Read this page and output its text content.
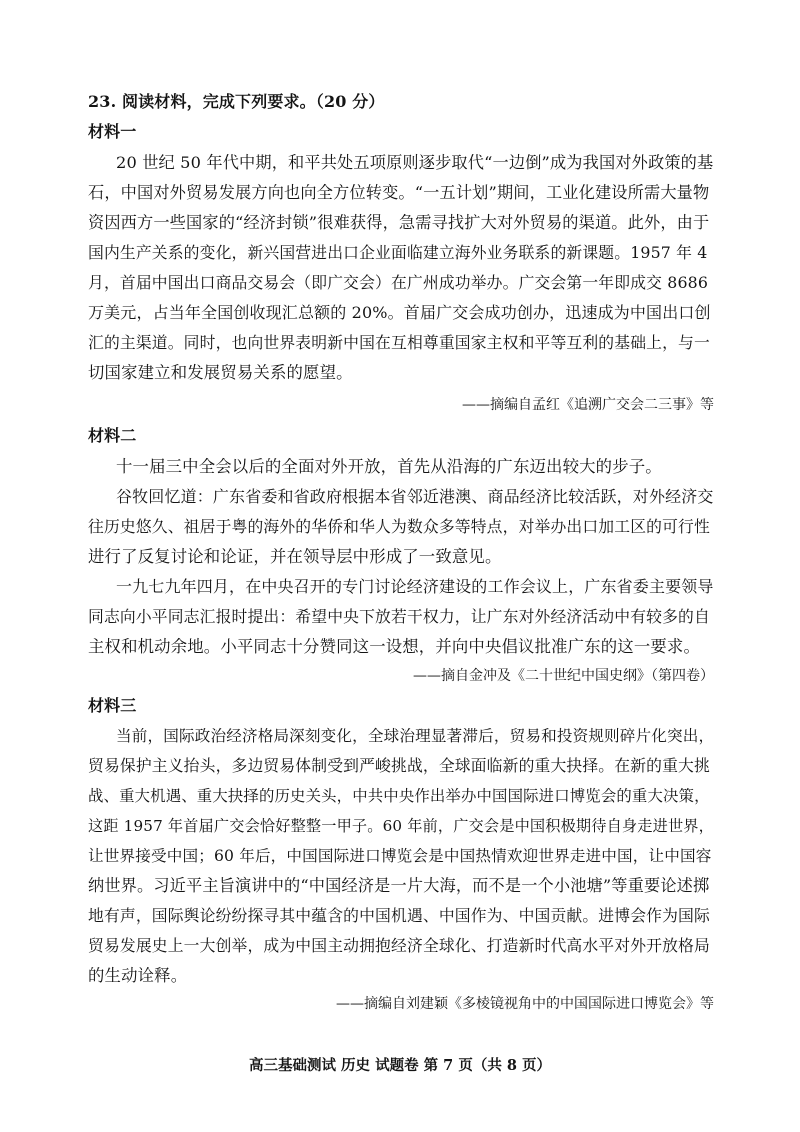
23. 阅读材料，完成下列要求。（20 分）
材料一
20 世纪 50 年代中期，和平共处五项原则逐步取代“一边倒”成为我国对外政策的基
石，中国对外贸易发展方向也向全方位转变。“一五计划”期间，工业化建设所需大量物
资因西方一些国家的“经济封锁”很难获得，急需寻找扩大对外贸易的渠道。此外，由于
国内生产关系的变化，新兴国营进出口企业面临建立海外业务联系的新课题。1957 年 4
月，首届中国出口商品交易会（即广交会）在广州成功举办。广交会第一年即成交 8686
万美元，占当年全国创收现汇总额的 20%。首届广交会成功创办，迅速成为中国出口创
汇的主渠道。同时，也向世界表明新中国在互相尊重国家主权和平等互利的基础上，与一
切国家建立和发展贸易关系的愿望。
——摘编自孟红《追溯广交会二三事》等
材料二
十一届三中全会以后的全面对外开放，首先从沿海的广东迈出较大的步子。
谷牧回忆道：广东省委和省政府根据本省邻近港澳、商品经济比较活跃，对外经济交
往历史悠久、祖居于粤的海外的华侨和华人为数众多等特点，对举办出口加工区的可行性
进行了反复讨论和论证，并在领导层中形成了一致意见。
一九七九年四月，在中央召开的专门讨论经济建设的工作会议上，广东省委主要领导
同志向小平同志汇报时提出：希望中央下放若干权力，让广东对外经济活动中有较多的自
主权和机动余地。小平同志十分赞同这一设想，并向中央倡议批准广东的这一要求。
——摘自金冲及《二十世纪中国史纲》（第四卷）
材料三
当前，国际政治经济格局深刻变化，全球治理显著滞后，贸易和投资规则碎片化突出，
贸易保护主义抬头，多边贸易体制受到严峻挑战，全球面临新的重大抉择。在新的重大挑
战、重大机遇、重大抉择的历史关头，中共中央作出举办中国国际进口博览会的重大决策，
这距 1957 年首届广交会恰好整整一甲子。60 年前，广交会是中国积极期待自身走进世界，
让世界接受中国；60 年后，中国国际进口博览会是中国热情欢迎世界走进中国，让中国容
纳世界。习近平主旨演讲中的“中国经济是一片大海，而不是一个小池塘”等重要论述掷
地有声，国际舆论纷纷探寻其中蕴含的中国机遇、中国作为、中国贡献。进博会作为国际
贸易发展史上一大创举，成为中国主动拥抱经济全球化、打造新时代高水平对外开放格局
的生动诠释。
——摘编自刘建颖《多棱镜视角中的中国国际进口博览会》等
高三基础测试 历史 试题卷 第 7 页（共 8 页）
